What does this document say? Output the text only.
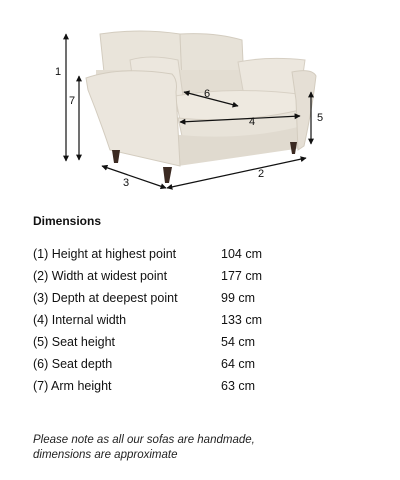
1
2
3
4	5
6
7
Dimensions
(1) Height at highest point	104 cm
(2) Width at widest point	177 cm
(3) Depth at deepest point	99 cm
(4) Internal width	133 cm
(5) Seat height	54 cm
(6) Seat depth	64 cm
(7) Arm height	63 cm
Please note as all our sofas are handmade,
dimensions are approximate
